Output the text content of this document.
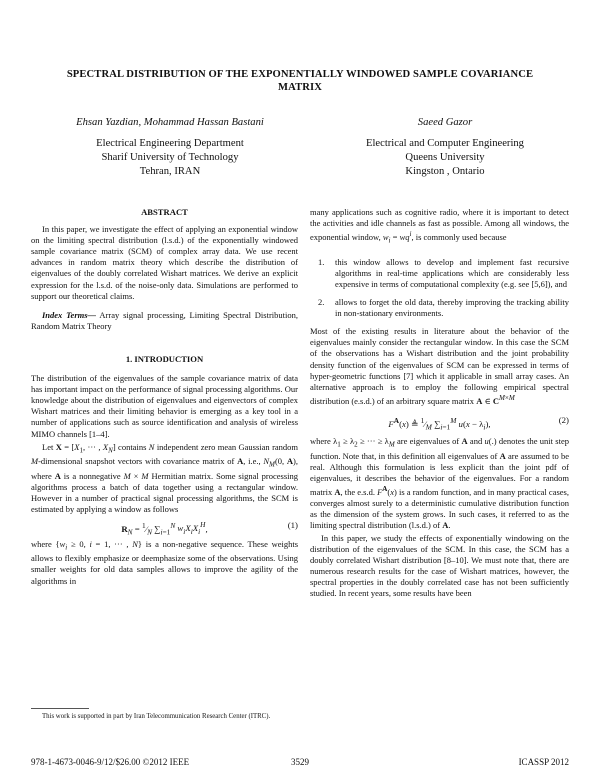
SPECTRAL DISTRIBUTION OF THE EXPONENTIALLY WINDOWED SAMPLE COVARIANCE MATRIX
Ehsan Yazdian, Mohammad Hassan Bastani
Electrical Engineering Department
Sharif University of Technology
Tehran, IRAN
Saeed Gazor
Electrical and Computer Engineering
Queens University
Kingston , Ontario

ABSTRACT

In this paper, we investigate the effect of applying an exponential window on the limiting spectral distribution (l.s.d.) of the exponentially windowed sample covariance matrix (SCM) of complex array data. We use recent advances in random matrix theory which describe the distribution of eigenvalues of the doubly correlated Wishart matrices. We derive an explicit expression for the l.s.d. of the noise-only data. Simulations are performed to support our theoretical claims.

Index Terms— Array signal processing, Limiting Spectral Distribution, Random Matrix Theory

1. INTRODUCTION

The distribution of the eigenvalues of the sample covariance matrix of data has important impact on the performance of signal processing algorithms. Our knowledge about the distribution of eigenvalues and eigenvectors of complex Wishart matrices and their limiting behavior is emerging as a key tool in a number of applications such as source identification and analysis of wireless MIMO channels [1–4].

Let $X = [X_1$, ··· , $X_N$] contains N independent zero mean Gaussian random M-dimensional snapshot vectors with covariance matrix of A, i.e., $N_M(0$, A), where A is a nonnegative M × M Hermitian matrix. Some signal processing algorithms process a batch of data together using a rectangular window. However in a number of practical signal processing algorithms, the SCM is estimated by applying a window as follows

$R_N$ = $^1⁄_N$ $\sum_{i=1}^N$ $w_iX_iX_i^H$,	(1)

where {$w_i \ge 0$, i = 1, ··· , N} is a non-negative sequence. These weights allows to flexibly emphasize or deemphasize some of the observations. Using smaller weights for old data samples allows to improve the agility of the algorithms in

This work is supported in part by Iran Telecommunication Research Center (ITRC).

many applications such as cognitive radio, where it is important to detect the activities and idle channels as fast as possible. Among all windows, the exponential window, $w_i = wq^i$, is commonly used because

1. this window allows to develop and implement fast recursive algorithms in real-time applications which are considerably less expensive in terms of computational complexity (e.g. see [5,6]), and
2. allows to forget the old data, thereby improving the tracking ability in non-stationary environments.

Most of the existing results in literature about the behavior of the eigenvalues mainly consider the rectangular window. In this case the SCM of the observations has a Wishart distribution and the joint probability density function of the eigenvalues of SCM can be expressed in terms of hyper-geometric functions [7] which it applicable in small array cases. An alternative approach is to employ the following empirical spectral distribution (e.s.d.) of an arbitrary square matrix A ∈ $C^{M\times M}$

$F^A(x)$ ≜ $^1⁄_M$ $\sum_{i=1}^M$ $u(x - \lambda_i)$,	(2)

where $\lambda_1 \ge \lambda_2$ ≥ ··· ≥ $\lambda_M$ are eigenvalues of A and u(.) denotes the unit step function. Note that, in this definition all eigenvalues of A are assumed to be real. Although this formulation is less explicit than the joint pdf of eigenvalues, it describes the behavior of the eigenvalues. For a random matrix A, the e.s.d. $F^A(x)$ is a random function, and in many practical cases, converges almost surely to a deterministic cumulative distribution function as the dimension of the system grows. In such cases, it referred to as the limiting spectral distribution (l.s.d.) of A.

In this paper, we study the effects of exponentially windowing on the distribution of the eigenvalues of the SCM. In this case, the SCM has a doubly correlated Wishart distribution [8–10]. We must note that, there are numerous research results for the case of Wishart matrices, however, the spectral properties in the doubly correlated case has not been sufficiently studied. In recent years, some results have been

978-1-4673-0046-9/12/$26.00 ©2012 IEEE	3529	ICASSP 2012
